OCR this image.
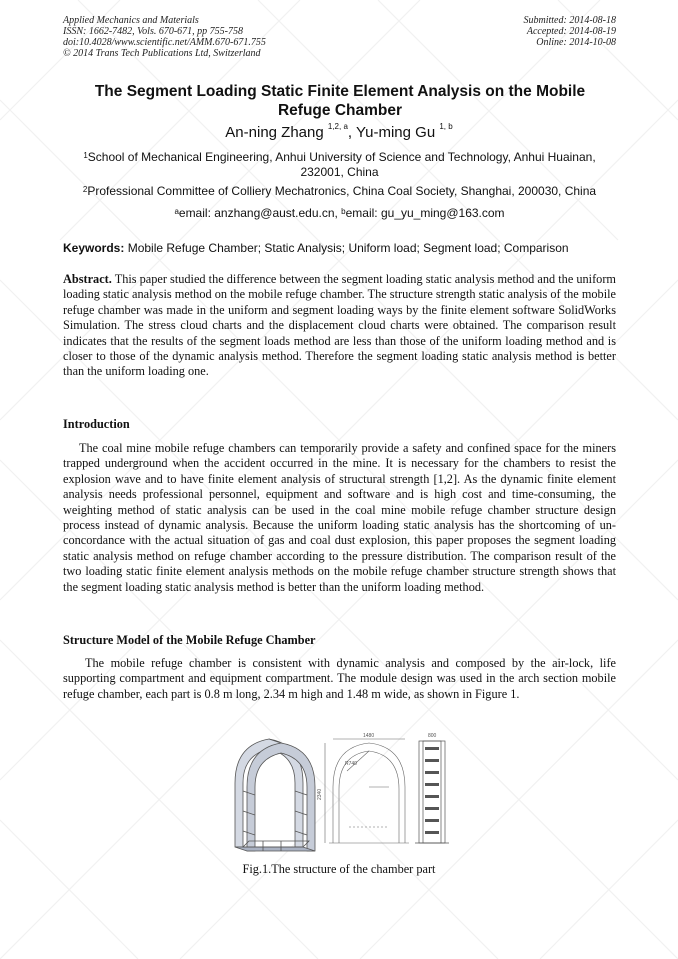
Applied Mechanics and Materials
ISSN: 1662-7482, Vols. 670-671, pp 755-758
doi:10.4028/www.scientific.net/AMM.670-671.755
© 2014 Trans Tech Publications Ltd, Switzerland
Submitted: 2014-08-18
Accepted: 2014-08-19
Online: 2014-10-08
The Segment Loading Static Finite Element Analysis on the Mobile Refuge Chamber
An-ning Zhang $^{1,2, a}$, Yu-ming Gu $^{1, b}$
$^1$School of Mechanical Engineering, Anhui University of Science and Technology, Anhui Huainan, 232001, China
$^2$Professional Committee of Colliery Mechatronics, China Coal Society, Shanghai, 200030, China
$^a$email: anzhang@aust.edu.cn, $^b$email: gu_yu_ming@163.com
Keywords: Mobile Refuge Chamber; Static Analysis; Uniform load; Segment load; Comparison
Abstract. This paper studied the difference between the segment loading static analysis method and the uniform loading static analysis method on the mobile refuge chamber. The structure strength static analysis of the mobile refuge chamber was made in the uniform and segment loading ways by the finite element software SolidWorks Simulation. The stress cloud charts and the displacement cloud charts were obtained. The comparison result indicates that the results of the segment loads method are less than those of the uniform loading method and is closer to those of the dynamic analysis method. Therefore the segment loading static analysis method is better than the uniform loading one.
Introduction
The coal mine mobile refuge chambers can temporarily provide a safety and confined space for the miners trapped underground when the accident occurred in the mine. It is necessary for the chambers to resist the explosion wave and to have finite element analysis of structural strength [1,2]. As the dynamic finite element analysis needs professional personnel, equipment and software and is high cost and time-consuming, the weighting method of static analysis can be used in the coal mine mobile refuge chamber structure design process instead of dynamic analysis. Because the uniform loading static analysis has the shortcoming of un-concordance with the actual situation of gas and coal dust explosion, this paper proposes the segment loading static analysis method on refuge chamber according to the pressure distribution. The comparison result of the two loading static finite element analysis methods on the mobile refuge chamber structure strength shows that the segment loading static analysis method is better than the uniform loading method.
Structure Model of the Mobile Refuge Chamber
The mobile refuge chamber is consistent with dynamic analysis and composed by the air-lock, life supporting compartment and equipment compartment. The module design was used in the arch section mobile refuge chamber, each part is 0.8 m long, 2.34 m high and 1.48 m wide, as shown in Figure 1.
1480
R740
2340
800
Fig.1.The structure of the chamber part
